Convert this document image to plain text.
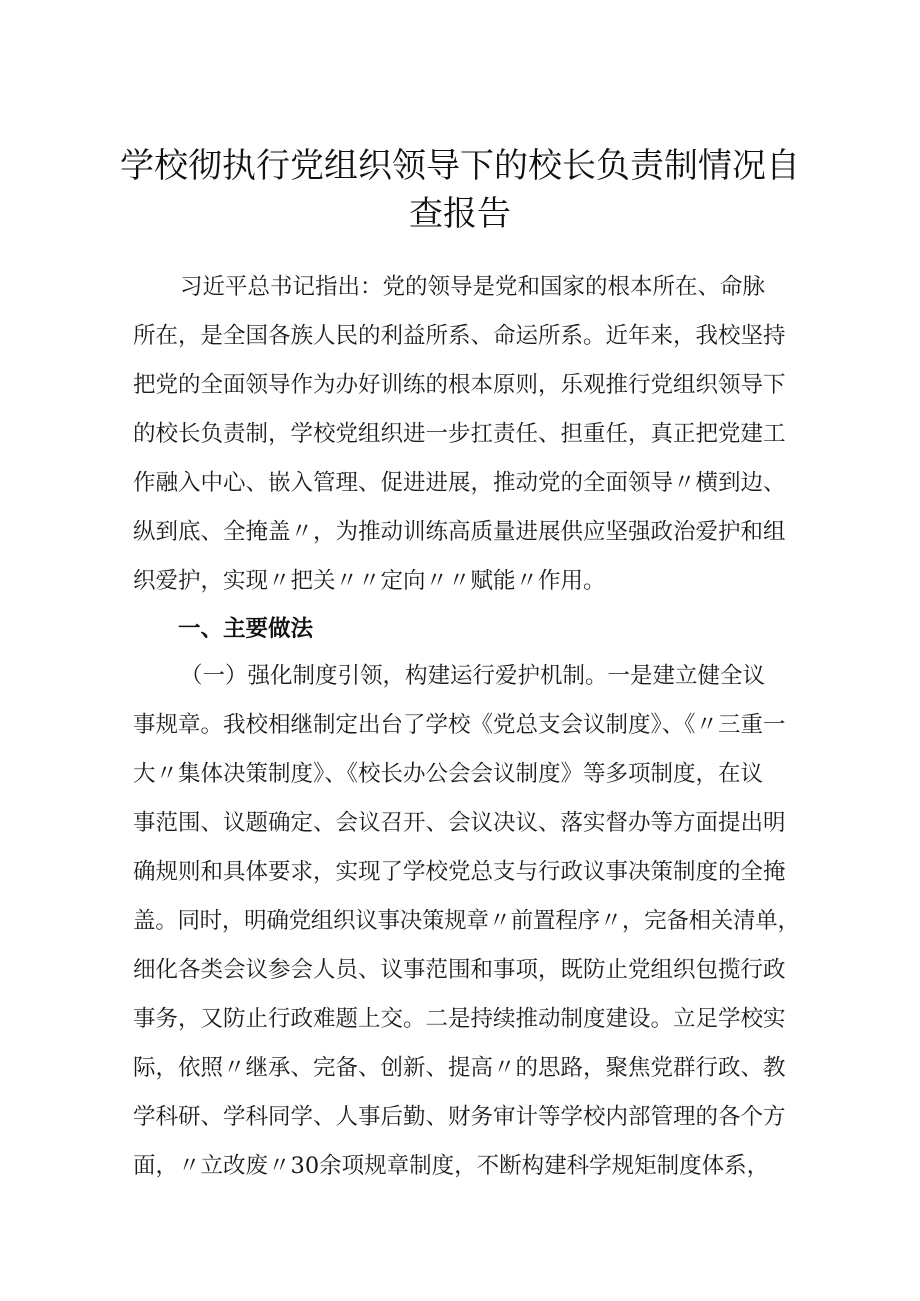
学校彻执行党组织领导下的校长负责制情况自
查报告
习近平总书记指出：党的领导是党和国家的根本所在、命脉
所在，是全国各族人民的利益所系、命运所系。近年来，我校坚持
把党的全面领导作为办好训练的根本原则，乐观推行党组织领导下
的校长负责制，学校党组织进一步扛责任、担重任，真正把党建工
作融入中心、嵌入管理、促进进展，推动党的全面领导〃横到边、
纵到底、全掩盖〃，为推动训练高质量进展供应坚强政治爱护和组
织爱护，实现〃把关〃〃定向〃〃赋能〃作用。
一、主要做法
（一）强化制度引领，构建运行爱护机制。一是建立健全议
事规章。我校相继制定出台了学校《党总支会议制度》、《〃三重一
大〃集体决策制度》、《校长办公会会议制度》等多项制度，在议
事范围、议题确定、会议召开、会议决议、落实督办等方面提出明
确规则和具体要求，实现了学校党总支与行政议事决策制度的全掩
盖。同时，明确党组织议事决策规章〃前置程序〃，完备相关清单，
细化各类会议参会人员、议事范围和事项，既防止党组织包揽行政
事务，又防止行政难题上交。二是持续推动制度建设。立足学校实
际，依照〃继承、完备、创新、提高〃的思路，聚焦党群行政、教
学科研、学科同学、人事后勤、财务审计等学校内部管理的各个方
面，〃立改废〃30余项规章制度，不断构建科学规矩制度体系，
